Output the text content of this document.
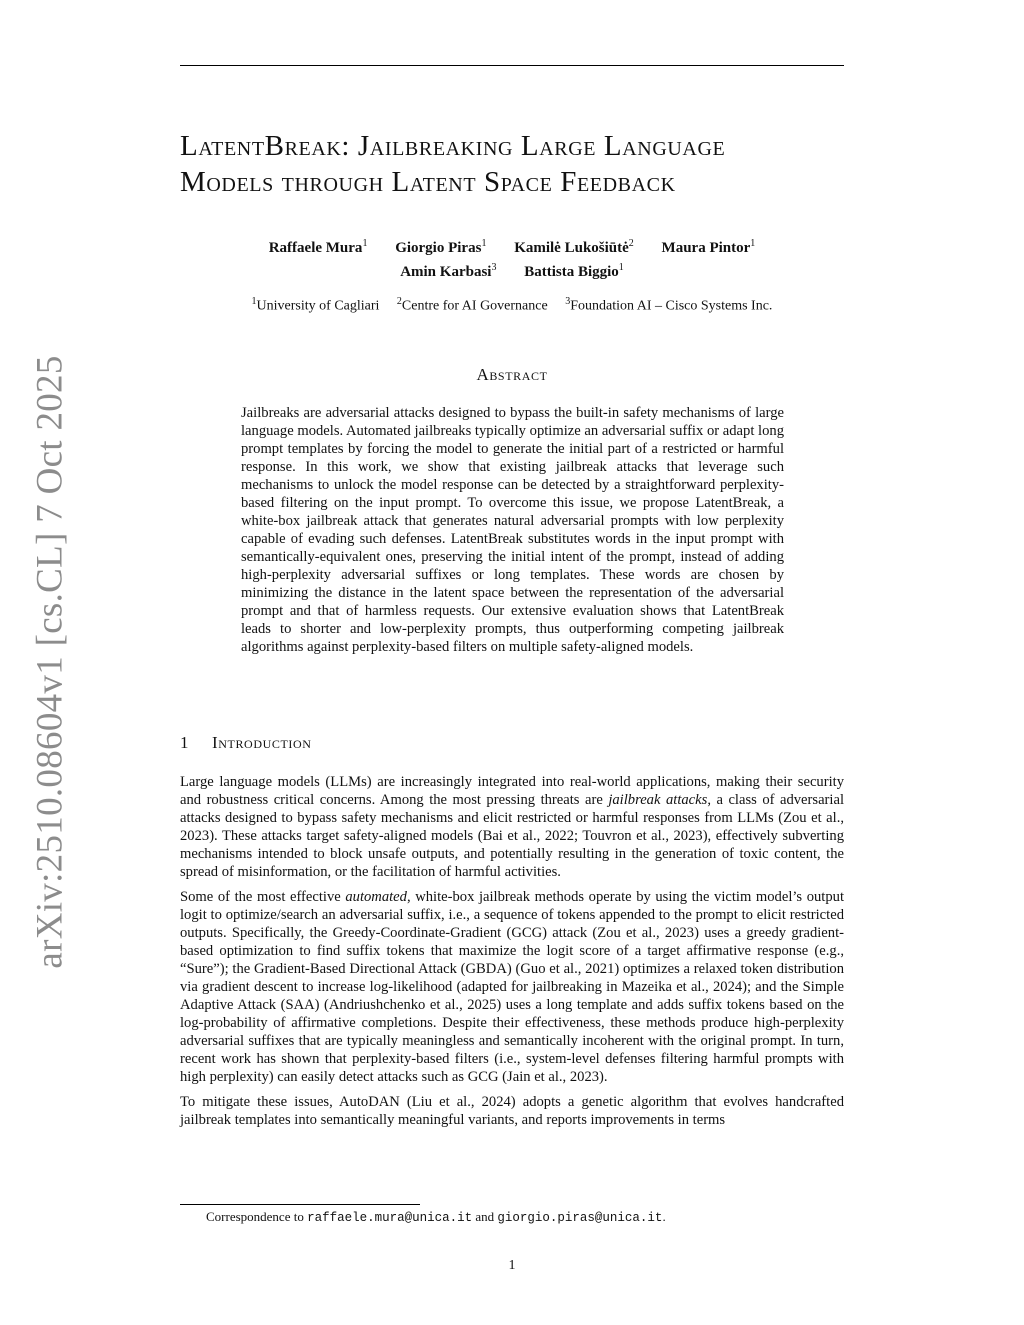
arXiv:2510.08604v1 [cs.CL] 7 Oct 2025
LatentBreak: Jailbreaking Large Language
Models through Latent Space Feedback
Raffaele Mura$^1$ Giorgio Piras$^1$ Kamilė Lukošiūtė$^2$ Maura Pintor$^1$
Amin Karbasi$^3$ Battista Biggio$^1$
$^1$University of Cagliari $^2$Centre for AI Governance $^3$Foundation AI – Cisco Systems Inc.
Abstract

Jailbreaks are adversarial attacks designed to bypass the built-in safety mechanisms of large language models. Automated jailbreaks typically optimize an adversarial suffix or adapt long prompt templates by forcing the model to generate the initial part of a restricted or harmful response. In this work, we show that existing jailbreak attacks that leverage such mechanisms to unlock the model response can be detected by a straightforward perplexity-based filtering on the input prompt. To overcome this issue, we propose LatentBreak, a white-box jailbreak attack that generates natural adversarial prompts with low perplexity capable of evading such defenses. LatentBreak substitutes words in the input prompt with semantically-equivalent ones, preserving the initial intent of the prompt, instead of adding high-perplexity adversarial suffixes or long templates. These words are chosen by minimizing the distance in the latent space between the representation of the adversarial prompt and that of harmless requests. Our extensive evaluation shows that LatentBreak leads to shorter and low-perplexity prompts, thus outperforming competing jailbreak algorithms against perplexity-based filters on multiple safety-aligned models.

1 Introduction

Large language models (LLMs) are increasingly integrated into real-world applications, making their security and robustness critical concerns. Among the most pressing threats are jailbreak attacks, a class of adversarial attacks designed to bypass safety mechanisms and elicit restricted or harmful responses from LLMs (Zou et al., 2023). These attacks target safety-aligned models (Bai et al., 2022; Touvron et al., 2023), effectively subverting mechanisms intended to block unsafe outputs, and potentially resulting in the generation of toxic content, the spread of misinformation, or the facilitation of harmful activities.

Some of the most effective automated, white-box jailbreak methods operate by using the victim model’s output logit to optimize/search an adversarial suffix, i.e., a sequence of tokens appended to the prompt to elicit restricted outputs. Specifically, the Greedy-Coordinate-Gradient (GCG) attack (Zou et al., 2023) uses a greedy gradient-based optimization to find suffix tokens that maximize the logit score of a target affirmative response (e.g., “Sure”); the Gradient-Based Directional Attack (GBDA) (Guo et al., 2021) optimizes a relaxed token distribution via gradient descent to increase log-likelihood (adapted for jailbreaking in Mazeika et al., 2024); and the Simple Adaptive Attack (SAA) (Andriushchenko et al., 2025) uses a long template and adds suffix tokens based on the log-probability of affirmative completions. Despite their effectiveness, these methods produce high-perplexity adversarial suffixes that are typically meaningless and semantically incoherent with the original prompt. In turn, recent work has shown that perplexity-based filters (i.e., system-level defenses filtering harmful prompts with high perplexity) can easily detect attacks such as GCG (Jain et al., 2023).

To mitigate these issues, AutoDAN (Liu et al., 2024) adopts a genetic algorithm that evolves handcrafted jailbreak templates into semantically meaningful variants, and reports improvements in terms

Correspondence to raffaele.mura@unica.it and giorgio.piras@unica.it.
1
